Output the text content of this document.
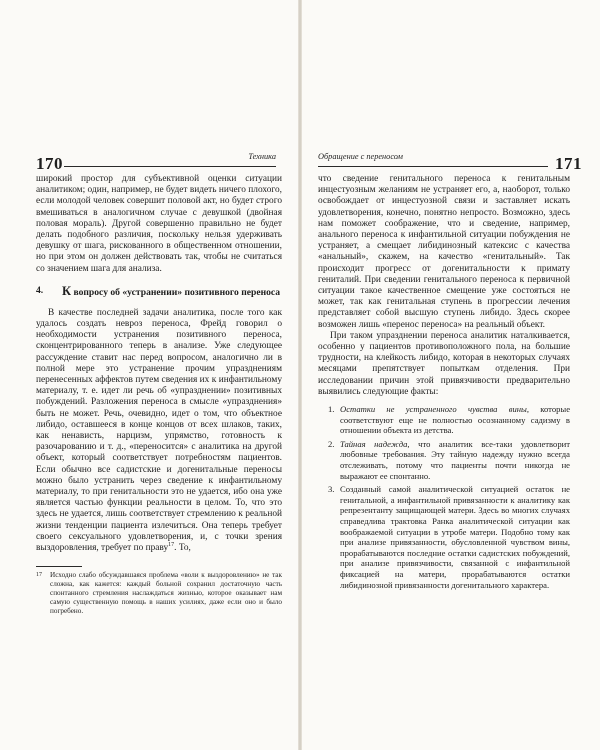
170	Техника

широкий простор для субъективной оценки ситуации аналитиком; один, например, не будет видеть ничего плохого, если молодой человек совершит половой акт, но будет строго вмешиваться в аналогичном случае с девушкой (двойная половая мораль). Другой совершенно правильно не будет делать подобного различия, поскольку нельзя удерживать девушку от шага, рискованного в общественном отношении, но при этом он должен действовать так, чтобы не считаться со значением шага для анализа.

4.	К вопросу об «устранении» позитивного переноса

В качестве последней задачи аналитика, после того как удалось создать невроз переноса, Фрейд говорил о необходимости устранения позитивного переноса, сконцентрированного теперь в анализе. Уже следующее рассуждение ставит нас перед вопросом, аналогично ли в полной мере это устранение прочим упразднениям перенесенных аффектов путем сведения их к инфантильному материалу, т. е. идет ли речь об «упразднении» позитивных побуждений. Разложения переноса в смысле «упразднения» быть не может. Речь, очевидно, идет о том, что объектное либидо, оставшееся в конце концов от всех шлаков, таких, как ненависть, нарцизм, упрямство, готовность к разочарованию и т. д., «переносится» с аналитика на другой объект, который соответствует потребностям пациентов. Если обычно все садистские и догенитальные переносы можно было устранить через сведение к инфантильному материалу, то при генитальности это не удается, ибо она уже является частью функции реальности в целом. То, что это здесь не удается, лишь соответствует стремлению к реальной жизни тенденции пациента излечиться. Она теперь требует своего сексуального удовлетворения, и, с точки зрения выздоровления, требует по праву$^{17}$. То,

17	Исходно слабо обсуждавшаяся проблема «воли к выздоровлению» не так сложна, как кажется: каждый больной сохранил достаточную часть спонтанного стремления наслаждаться жизнью, которое оказывает нам самую существенную помощь в наших усилиях, даже если оно и было погребено.
Обращение с переносом	171

что сведение генитального переноса к генитальным инцестуозным желаниям не устраняет его, а, наоборот, только освобождает от инцестуозной связи и заставляет искать удовлетворения, конечно, понятно непросто. Возможно, здесь нам поможет соображение, что и сведение, например, анального переноса к инфантильной ситуации побуждения не устраняет, а смещает либидинозный катексис с качества «анальный», скажем, на качество «генитальный». Так происходит прогресс от догенитальности к примату гениталий. При сведении генитального переноса к первичной ситуации такое качественное смещение уже состояться не может, так как генитальная ступень в прогрессии лечения представляет собой высшую ступень либидо. Здесь скорее возможен лишь «перенос переноса» на реальный объект.

При таком упразднении переноса аналитик наталкивается, особенно у пациентов противоположного пола, на большие трудности, на клейкость либидо, которая в некоторых случаях месяцами препятствует попыткам отделения. При исследовании причин этой привязчивости предварительно выявились следующие факты:

1. Остатки не устраненного чувства вины, которые соответствуют еще не полностью осознанному садизму в отношении объекта из детства.
2. Тайная надежда, что аналитик все-таки удовлетворит любовные требования. Эту тайную надежду нужно всегда отслеживать, потому что пациенты почти никогда не выражают ее спонтанно.
3. Созданный самой аналитической ситуацией остаток не генитальной, а инфантильной привязанности к аналитику как репрезентанту защищающей матери. Здесь во многих случаях справедлива трактовка Ранка аналитической ситуации как воображаемой ситуации в утробе матери. Подобно тому как при анализе привязанности, обусловленной чувством вины, прорабатываются последние остатки садистских побуждений, при анализе привязчивости, связанной с инфантильной фиксацией на матери, прорабатываются остатки либидинозной привязанности догенитального характера.
